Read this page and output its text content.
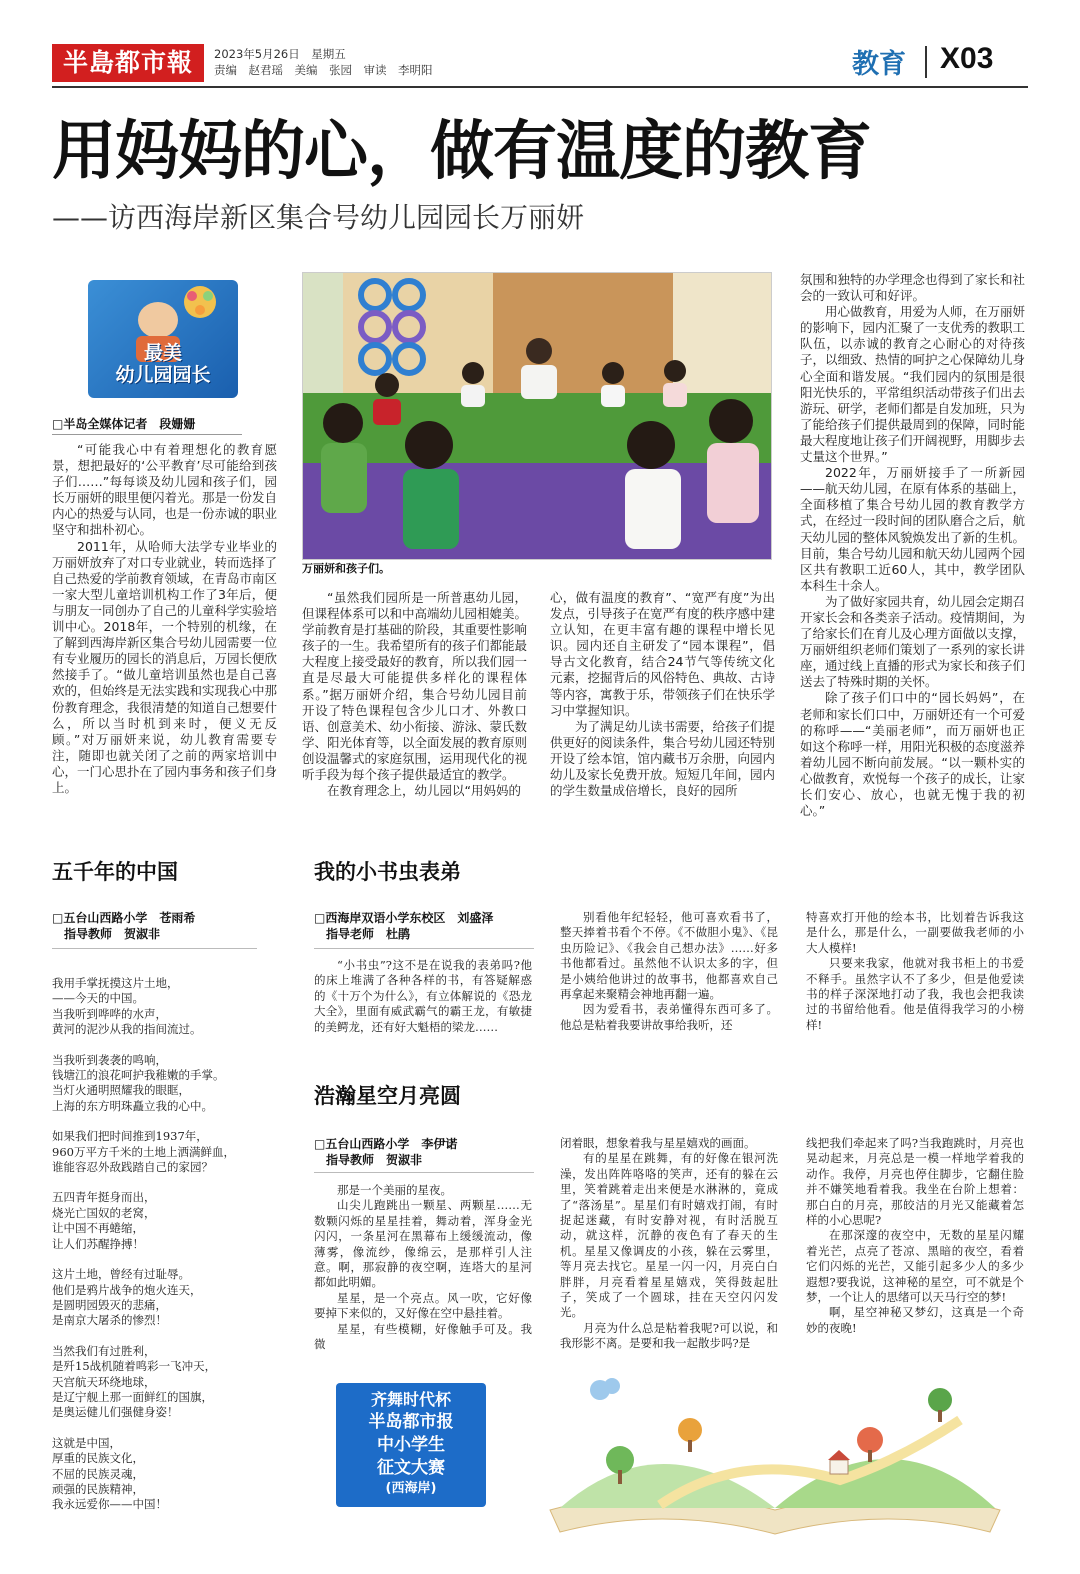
半島都市報	2023年5月26日　星期五
责编　赵君瑶　美编　张园　审读　李明阳	教育 X03
用妈妈的心，做有温度的教育
——访西海岸新区集合号幼儿园园长万丽妍
最美
幼儿园园长
万丽妍和孩子们。
□半岛全媒体记者　段姗姗

“可能我心中有着理想化的教育愿景，想把最好的‘公平教育’尽可能给到孩子们……”每每谈及幼儿园和孩子们，园长万丽妍的眼里便闪着光。那是一份发自内心的热爱与认同，也是一份赤诚的职业坚守和拙朴初心。

2011年，从哈师大法学专业毕业的万丽妍放弃了对口专业就业，转而选择了自己热爱的学前教育领域，在青岛市南区一家大型儿童培训机构工作了3年后，便与朋友一同创办了自己的儿童科学实验培训中心。2018年，一个特别的机缘，在了解到西海岸新区集合号幼儿园需要一位有专业履历的园长的消息后，万园长便欣然接手了。“做儿童培训虽然也是自己喜欢的，但始终是无法实践和实现我心中那份教育理念，我很清楚的知道自己想要什么，所以当时机到来时，便义无反顾。”对万丽妍来说，幼儿教育需要专注，随即也就关闭了之前的两家培训中心，一门心思扑在了园内事务和孩子们身上。

“虽然我们园所是一所普惠幼儿园，但课程体系可以和中高端幼儿园相媲美。学前教育是打基础的阶段，其重要性影响孩子的一生。我希望所有的孩子们都能最大程度上接受最好的教育，所以我们园一直是尽最大可能提供多样化的课程体系。”据万丽妍介绍，集合号幼儿园目前开设了特色课程包含少儿口才、外教口语、创意美术、幼小衔接、游泳、蒙氏数学、阳光体育等，以全面发展的教育原则创设温馨式的家庭氛围，运用现代化的视听手段为每个孩子提供最适宜的教学。

在教育理念上，幼儿园以“用妈妈的

心，做有温度的教育”、“宽严有度”为出发点，引导孩子在宽严有度的秩序感中建立认知，在更丰富有趣的课程中增长见识。园内还自主研发了“园本课程”，倡导古文化教育，结合24节气等传统文化元素，挖掘背后的风俗特色、典故、古诗等内容，寓教于乐，带领孩子们在快乐学习中掌握知识。

为了满足幼儿读书需要，给孩子们提供更好的阅读条件，集合号幼儿园还特别开设了绘本馆，馆内藏书万余册，向园内幼儿及家长免费开放。短短几年间，园内的学生数量成倍增长，良好的园所

氛围和独特的办学理念也得到了家长和社会的一致认可和好评。

用心做教育，用爱为人师，在万丽妍的影响下，园内汇聚了一支优秀的教职工队伍，以赤诚的教育之心耐心的对待孩子，以细致、热情的呵护之心保障幼儿身心全面和谐发展。“我们园内的氛围是很阳光快乐的，平常组织活动带孩子们出去游玩、研学，老师们都是自发加班，只为了能给孩子们提供最周到的保障，同时能最大程度地让孩子们开阔视野，用脚步去丈量这个世界。”

2022年，万丽妍接手了一所新园——航天幼儿园，在原有体系的基础上，全面移植了集合号幼儿园的教育教学方式，在经过一段时间的团队磨合之后，航天幼儿园的整体风貌焕发出了新的生机。目前，集合号幼儿园和航天幼儿园两个园区共有教职工近60人，其中，教学团队本科生十余人。

为了做好家园共育，幼儿园会定期召开家长会和各类亲子活动。疫情期间，为了给家长们在育儿及心理方面做以支撑，万丽妍组织老师们策划了一系列的家长讲座，通过线上直播的形式为家长和孩子们送去了特殊时期的关怀。

除了孩子们口中的“园长妈妈”，在老师和家长们口中，万丽妍还有一个可爱的称呼——“美丽老师”，而万丽妍也正如这个称呼一样，用阳光积极的态度滋养着幼儿园不断向前发展。“以一颗朴实的心做教育，欢悦每一个孩子的成长，让家长们安心、放心，也就无愧于我的初心。”

五千年的中国
□五台山西路小学　苍雨希
　指导教师　贺淑非
我用手掌抚摸这片土地，
——今天的中国。
当我听到哗哗的水声，
黄河的泥沙从我的指间流过。
当我听到袭袭的鸣响，
钱塘江的浪花呵护我稚嫩的手掌。
当灯火通明照耀我的眼眶，
上海的东方明珠矗立我的心中。
如果我们把时间推到1937年，
960万平方千米的土地上洒满鲜血，
谁能容忍外敌践踏自己的家园？
五四青年挺身而出，
烧光亡国奴的老窝，
让中国不再蜷缩，
让人们苏醒挣搏！
这片土地，曾经有过耻辱。
他们是鸦片战争的炮火连天，
是圆明园毁灭的悲痛，
是南京大屠杀的惨烈！
当然我们有过胜利，
是歼15战机随着鸣彩一飞冲天，
天宫航天环绕地球，
是辽宁舰上那一面鲜红的国旗，
是奥运健儿们强健身姿！
这就是中国，
厚重的民族文化，
不屈的民族灵魂，
顽强的民族精神，
我永远爱你——中国！
我的小书虫表弟
□西海岸双语小学东校区　刘盛泽
　指导老师　杜鹃

“小书虫”?这不是在说我的表弟吗?他的床上堆满了各种各样的书，有答疑解惑的《十万个为什么》，有立体解说的《恐龙大全》，里面有威武霸气的霸王龙，有敏捷的美鳄龙，还有好大魁梧的梁龙……

别看他年纪轻轻，他可喜欢看书了，整天捧着书看个不停。《不做胆小鬼》、《昆虫历险记》、《我会自己想办法》……好多书他都看过。虽然他不认识太多的字，但是小姨给他讲过的故事书，他都喜欢自己再拿起来聚精会神地再翻一遍。

因为爱看书，表弟懂得东西可多了。他总是粘着我要讲故事给我听，还

特喜欢打开他的绘本书，比划着告诉我这是什么，那是什么，一副要做我老师的小大人模样!

只要来我家，他就对我书柜上的书爱不释手。虽然字认不了多少，但是他爱读书的样子深深地打动了我，我也会把我读过的书留给他看。他是值得我学习的小榜样!

浩瀚星空月亮圆
□五台山西路小学　李伊诺
　指导教师　贺淑非

那是一个美丽的星夜。

山尖儿跑跳出一颗星、两颗星……无数颗闪烁的星星挂着，舞动着，浑身金光闪闪，一条星河在黑幕布上缓缓流动，像薄雾，像流纱，像绵云，是那样引人注意。啊，那寂静的夜空啊，连塔大的星河都如此明媚。

星星，是一个亮点。风一吹，它好像要掉下来似的，又好像在空中悬挂着。

星星，有些模糊，好像触手可及。我微

闭着眼，想象着我与星星嬉戏的画面。

有的星星在跳舞，有的好像在银河洗澡，发出阵阵咯咯的笑声，还有的躲在云里，笑着跳着走出来便是水淋淋的，竟成了“落汤星”。星星们有时嬉戏打闹，有时捉起迷藏，有时安静对视，有时活脱互动，就这样，沉静的夜色有了春天的生机。星星又像调皮的小孩，躲在云雾里，等月亮去找它。星星一闪一闪，月亮白白胖胖，月亮看着星星嬉戏，笑得鼓起肚子，笑成了一个圆球，挂在天空闪闪发光。

月亮为什么总是粘着我呢?可以说，和我形影不离。是要和我一起散步吗?是

线把我们牵起来了吗?当我跑跳时，月亮也晃动起来，月亮总是一模一样地学着我的动作。我停，月亮也停住脚步，它翻住脸并不嫌笑地看着我。我坐在台阶上想着：那白白的月亮，那皎洁的月光又能藏着怎样的小心思呢?

在那深邃的夜空中，无数的星星闪耀着光芒，点亮了苍凉、黑暗的夜空，看着它们闪烁的光芒，又能引起多少人的多少遐想?要我说，这神秘的星空，可不就是个梦，一个让人的思绪可以天马行空的梦!

啊，星空神秘又梦幻，这真是一个奇妙的夜晚!

齐舞时代杯
半岛都市报
中小学生
征文大赛
(西海岸)
